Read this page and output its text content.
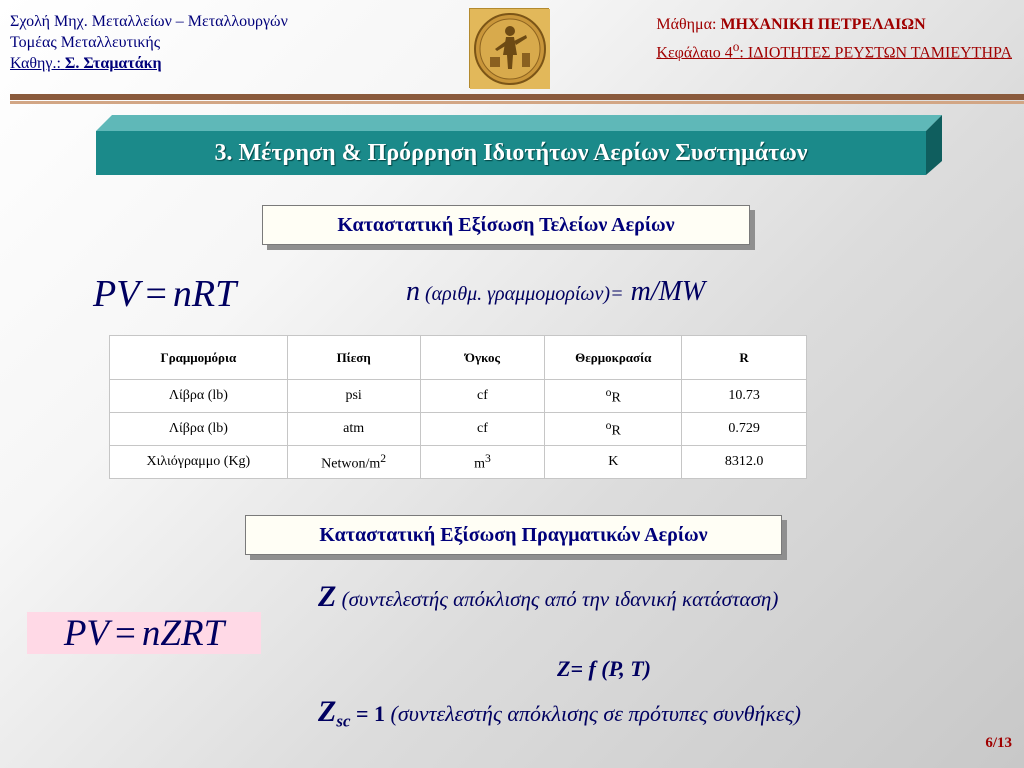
Σχολή Μηχ. Μεταλλείων – Μεταλλουργών
Τομέας Μεταλλευτικής
Καθηγ.: Σ. Σταματάκη
Μάθημα: ΜΗΧΑΝΙΚΗ ΠΕΤΡΕΛΑΙΩΝ
Κεφάλαιο $4^o$: ΙΔΙΟΤΗΤΕΣ ΡΕΥΣΤΩΝ ΤΑΜΙΕΥΤΗΡΑ
3. Μέτρηση & Πρόρρηση Ιδιοτήτων Αερίων Συστημάτων
Καταστατική Εξίσωση Τελείων Αερίων
PV = nRT	n (αριθμ. γραμμομορίων)= m/MW
Γραμμομόρια	Πίεση	Όγκος	Θερμοκρασία	R
Λίβρα (lb)	psi	cf	$^o$R	10.73
Λίβρα (lb)	atm	cf	$^o$R	0.729
Χιλιόγραμμο (Kg)	Netwon/$m^2$	$m^3$	K	8312.0
Καταστατική Εξίσωση Πραγματικών Αερίων
PV = nZRT
Z (συντελεστής απόκλισης από την ιδανική κατάσταση)
Z= f (P, T)
$Z_{sc} = 1$ (συντελεστής απόκλισης σε πρότυπες συνθήκες)
6/13
